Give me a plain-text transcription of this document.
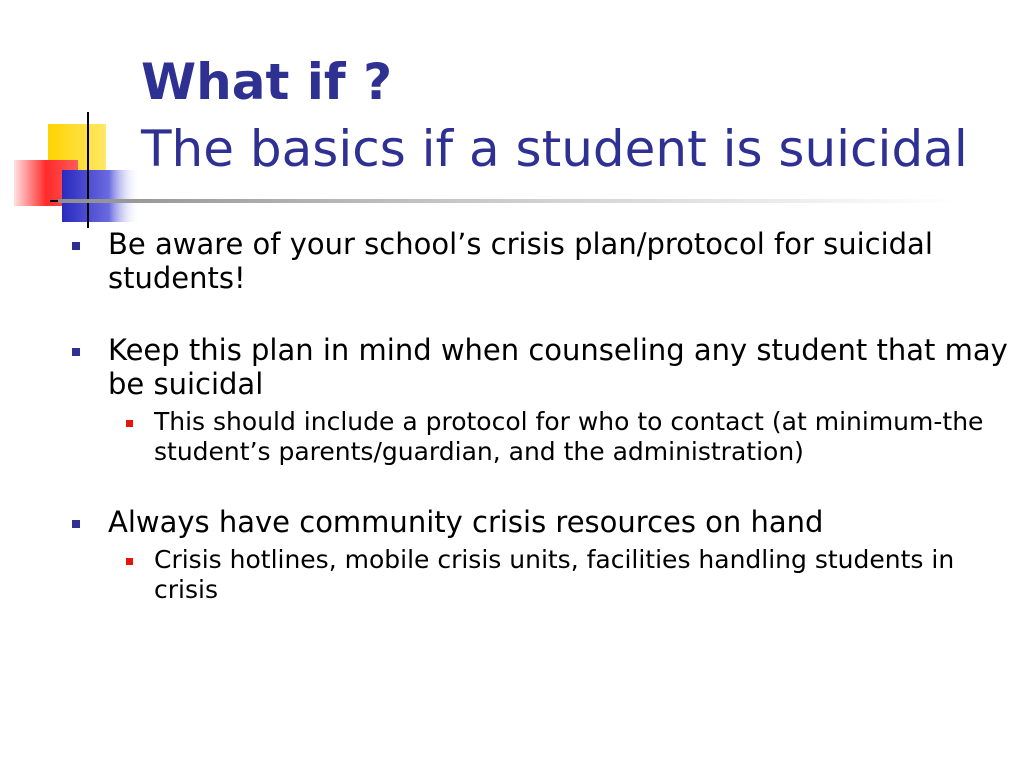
What if ?
The basics if a student is suicidal
Be aware of your school’s crisis plan/protocol for suicidal students!
Keep this plan in mind when counseling any student that may be suicidal
This should include a protocol for who to contact (at minimum-the student’s parents/guardian, and the administration)
Always have community crisis resources on hand
Crisis hotlines, mobile crisis units, facilities handling students in crisis
